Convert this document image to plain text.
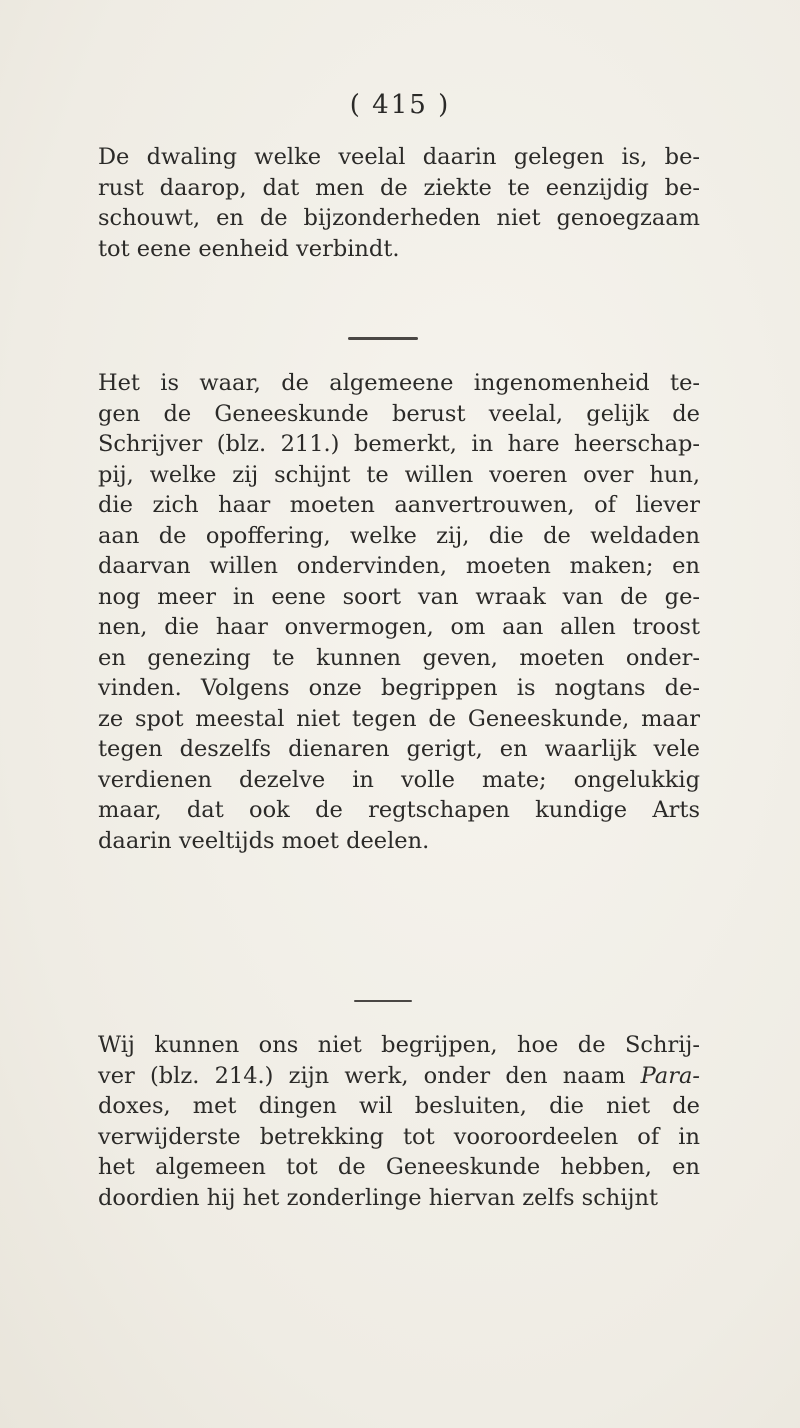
( 415 )
De dwaling welke veelal daarin gelegen is, be-
rust daarop, dat men de ziekte te eenzijdig be-
schouwt, en de bijzonderheden niet genoegzaam
tot eene eenheid verbindt.
Het is waar, de algemeene ingenomenheid te-
gen de Geneeskunde berust veelal, gelijk de
Schrijver (blz. 211.) bemerkt, in hare heerschap-
pij, welke zij schijnt te willen voeren over hun,
die zich haar moeten aanvertrouwen, of liever
aan de opoffering, welke zij, die de weldaden
daarvan willen ondervinden, moeten maken; en
nog meer in eene soort van wraak van de ge-
nen, die haar onvermogen, om aan allen troost
en genezing te kunnen geven, moeten onder-
vinden. Volgens onze begrippen is nogtans de-
ze spot meestal niet tegen de Geneeskunde, maar
tegen deszelfs dienaren gerigt, en waarlijk vele
verdienen dezelve in volle mate; ongelukkig
maar, dat ook de regtschapen kundige Arts
daarin veeltijds moet deelen.
Wij kunnen ons niet begrijpen, hoe de Schrij-
ver (blz. 214.) zijn werk, onder den naam Para-
doxes, met dingen wil besluiten, die niet de
verwijderste betrekking tot vooroordeelen of in
het algemeen tot de Geneeskunde hebben, en
doordien hij het zonderlinge hiervan zelfs schijnt
